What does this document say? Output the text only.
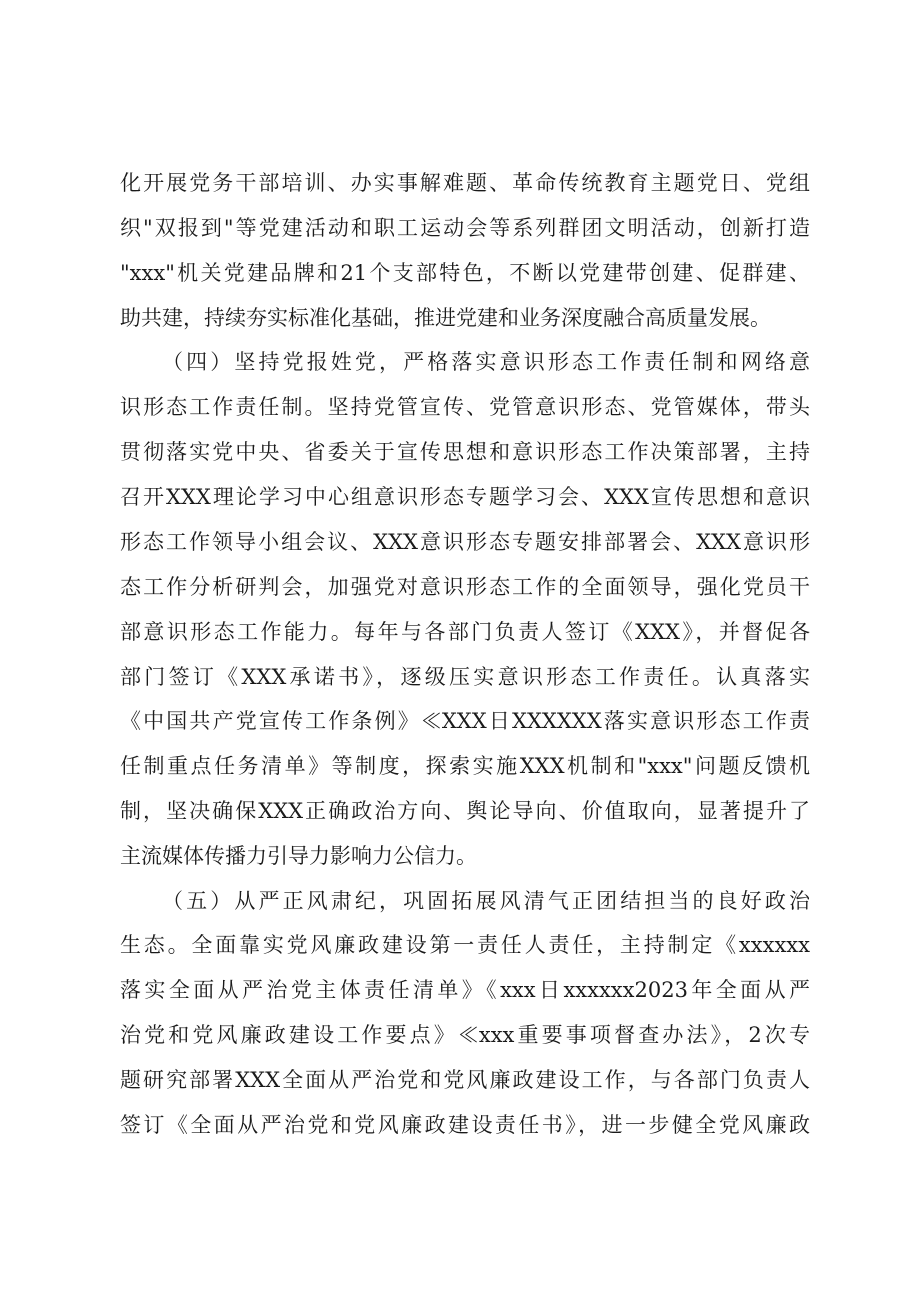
化开展党务干部培训、办实事解难题、革命传统教育主题党日、党组
织"双报到"等党建活动和职工运动会等系列群团文明活动，创新打造
"xxx"机关党建品牌和21个支部特色，不断以党建带创建、促群建、
助共建，持续夯实标准化基础，推进党建和业务深度融合高质量发展。
（四）坚持党报姓党，严格落实意识形态工作责任制和网络意
识形态工作责任制。坚持党管宣传、党管意识形态、党管媒体，带头
贯彻落实党中央、省委关于宣传思想和意识形态工作决策部署，主持
召开XXX理论学习中心组意识形态专题学习会、XXX宣传思想和意识
形态工作领导小组会议、XXX意识形态专题安排部署会、XXX意识形
态工作分析研判会，加强党对意识形态工作的全面领导，强化党员干
部意识形态工作能力。每年与各部门负责人签订《XXX》，并督促各
部门签订《XXX承诺书》，逐级压实意识形态工作责任。认真落实
《中国共产党宣传工作条例》≪XXX日XXXXXX落实意识形态工作责
任制重点任务清单》等制度，探索实施XXX机制和"xxx"问题反馈机
制，坚决确保XXX正确政治方向、舆论导向、价值取向，显著提升了
主流媒体传播力引导力影响力公信力。
（五）从严正风肃纪，巩固拓展风清气正团结担当的良好政治
生态。全面靠实党风廉政建设第一责任人责任，主持制定《xxxxxx
落实全面从严治党主体责任清单》《xxx日xxxxxx2023年全面从严
治党和党风廉政建设工作要点》≪xxx重要事项督查办法》，2次专
题研究部署XXX全面从严治党和党风廉政建设工作，与各部门负责人
签订《全面从严治党和党风廉政建设责任书》，进一步健全党风廉政
